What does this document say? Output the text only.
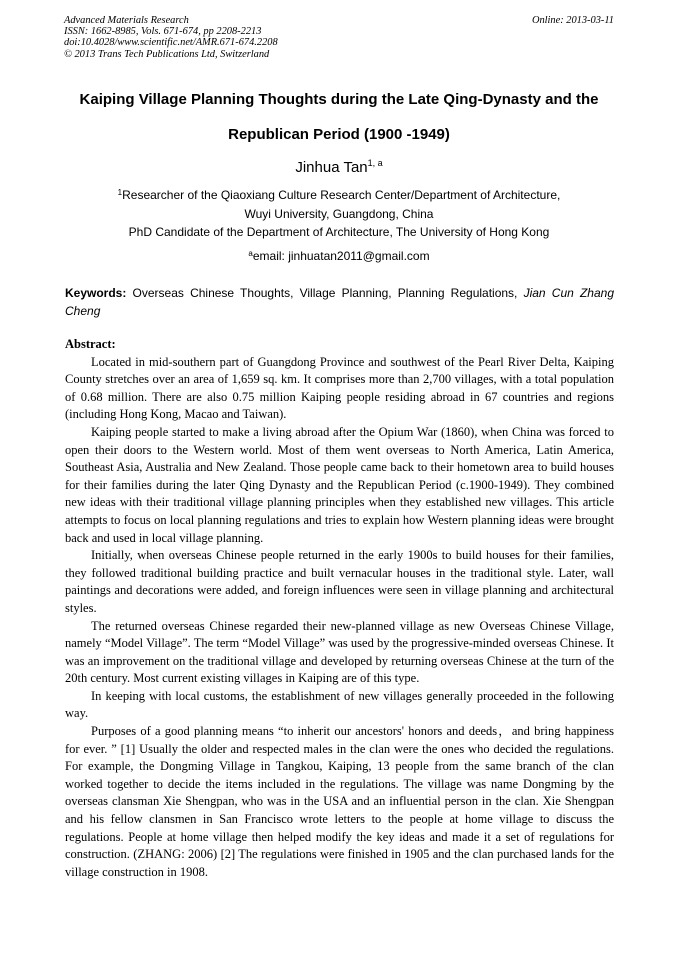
Advanced Materials Research	Online: 2013-03-11
ISSN: 1662-8985, Vols. 671-674, pp 2208-2213
doi:10.4028/www.scientific.net/AMR.671-674.2208
© 2013 Trans Tech Publications Ltd, Switzerland
Kaiping Village Planning Thoughts during the Late Qing-Dynasty and the
Republican Period (1900 -1949)
Jinhua Tan$^{1, a}$
$^1$Researcher of the Qiaoxiang Culture Research Center/Department of Architecture,
Wuyi University, Guangdong, China
PhD Candidate of the Department of Architecture, The University of Hong Kong
$^a$email: jinhuatan2011@gmail.com
Keywords: Overseas Chinese Thoughts, Village Planning, Planning Regulations, Jian Cun Zhang
Cheng
Abstract:

Located in mid-southern part of Guangdong Province and southwest of the Pearl River Delta, Kaiping County stretches over an area of 1,659 sq. km. It comprises more than 2,700 villages, with a total population of 0.68 million. There are also 0.75 million Kaiping people residing abroad in 67 countries and regions (including Hong Kong, Macao and Taiwan).

Kaiping people started to make a living abroad after the Opium War (1860), when China was forced to open their doors to the Western world. Most of them went overseas to North America, Latin America, Southeast Asia, Australia and New Zealand. Those people came back to their hometown area to build houses for their families during the later Qing Dynasty and the Republican Period (c.1900-1949). They combined new ideas with their traditional village planning principles when they established new villages. This article attempts to focus on local planning regulations and tries to explain how Western planning ideas were brought back and used in local village planning.

Initially, when overseas Chinese people returned in the early 1900s to build houses for their families, they followed traditional building practice and built vernacular houses in the traditional style. Later, wall paintings and decorations were added, and foreign influences were seen in village planning and architectural styles.

The returned overseas Chinese regarded their new-planned village as new Overseas Chinese Village, namely “Model Village”. The term “Model Village” was used by the progressive-minded overseas Chinese. It was an improvement on the traditional village and developed by returning overseas Chinese at the turn of the 20th century. Most current existing villages in Kaiping are of this type.

In keeping with local customs, the establishment of new villages generally proceeded in the following way.

Purposes of a good planning means “to inherit our ancestors' honors and deeds，and bring happiness for ever. ” [1] Usually the older and respected males in the clan were the ones who decided the regulations. For example, the Dongming Village in Tangkou, Kaiping, 13 people from the same branch of the clan worked together to decide the items included in the regulations. The village was name Dongming by the overseas clansman Xie Shengpan, who was in the USA and an influential person in the clan. Xie Shengpan and his fellow clansmen in San Francisco wrote letters to the people at home village to discuss the regulations. People at home village then helped modify the key ideas and made it a set of regulations for construction. (ZHANG: 2006) [2] The regulations were finished in 1905 and the clan purchased lands for the village construction in 1908.
